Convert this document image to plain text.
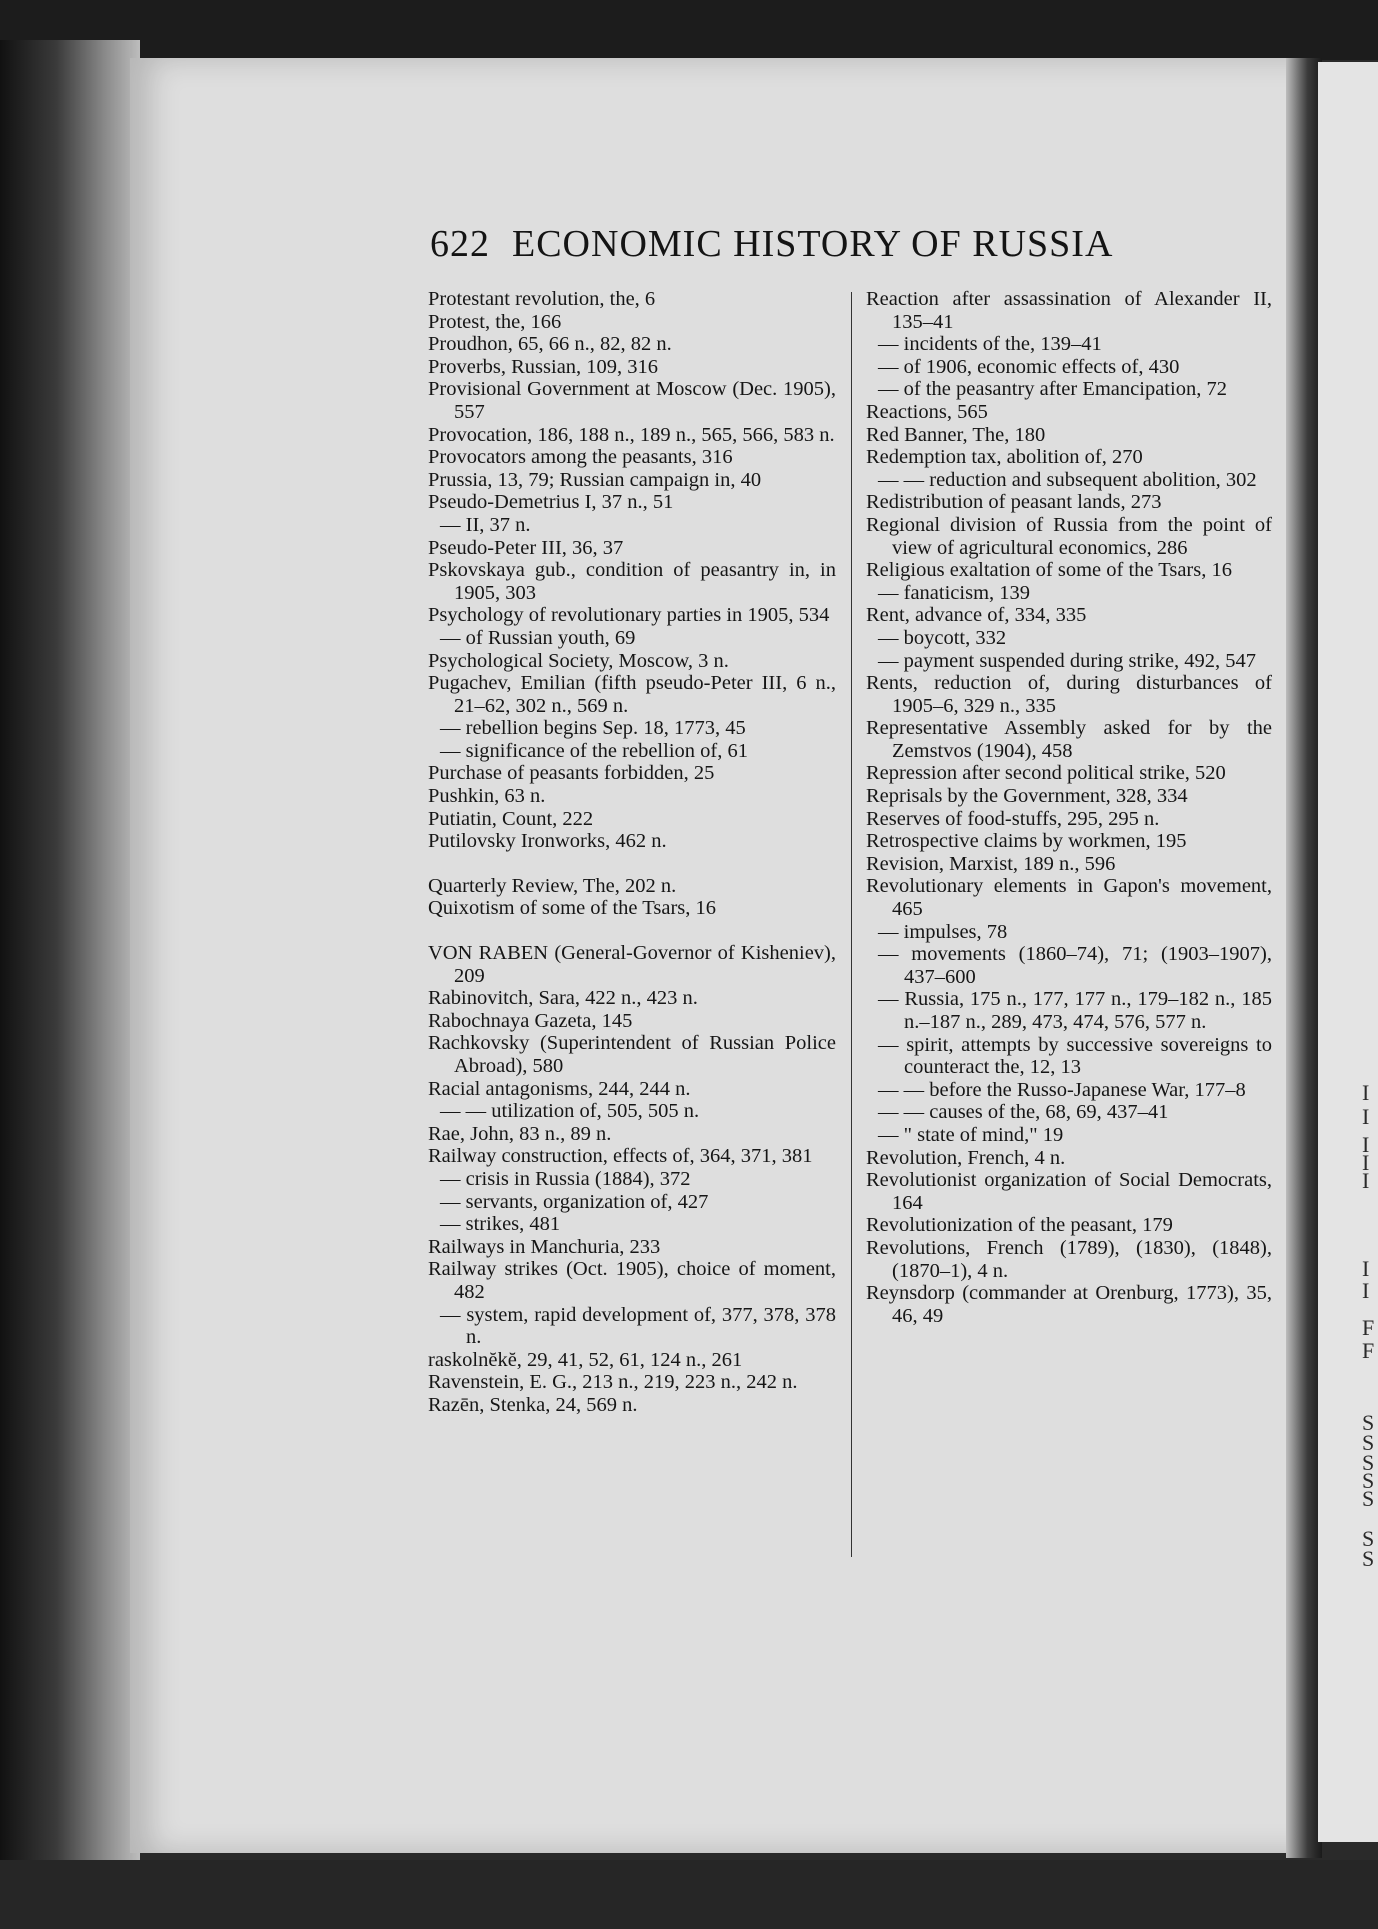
I
I
I
I
I
I
I
F
F
S
S
S
S
S
S
S
622 ECONOMIC HISTORY OF RUSSIA

Protestant revolution, the, 6

Protest, the, 166

Proudhon, 65, 66 n., 82, 82 n.

Proverbs, Russian, 109, 316

Provisional Government at Moscow (Dec. 1905), 557

Provocation, 186, 188 n., 189 n., 565, 566, 583 n.

Provocators among the peasants, 316

Prussia, 13, 79; Russian campaign in, 40

Pseudo-Demetrius I, 37 n., 51

— II, 37 n.

Pseudo-Peter III, 36, 37

Pskovskaya gub., condition of peasantry in, in 1905, 303

Psychology of revolutionary parties in 1905, 534

— of Russian youth, 69

Psychological Society, Moscow, 3 n.

Pugachev, Emilian (fifth pseudo-Peter III, 6 n., 21–62, 302 n., 569 n.

— rebellion begins Sep. 18, 1773, 45

— significance of the rebellion of, 61

Purchase of peasants forbidden, 25

Pushkin, 63 n.

Putiatin, Count, 222

Putilovsky Ironworks, 462 n.

Quarterly Review, The, 202 n.

Quixotism of some of the Tsars, 16

VON RABEN (General-Governor of Kisheniev), 209

Rabinovitch, Sara, 422 n., 423 n.

Rabochnaya Gazeta, 145

Rachkovsky (Superintendent of Russian Police Abroad), 580

Racial antagonisms, 244, 244 n.

— — utilization of, 505, 505 n.

Rae, John, 83 n., 89 n.

Railway construction, effects of, 364, 371, 381

— crisis in Russia (1884), 372

— servants, organization of, 427

— strikes, 481

Railways in Manchuria, 233

Railway strikes (Oct. 1905), choice of moment, 482

— system, rapid development of, 377, 378, 378 n.

raskolnĕkĕ, 29, 41, 52, 61, 124 n., 261

Ravenstein, E. G., 213 n., 219, 223 n., 242 n.

Razēn, Stenka, 24, 569 n.

Reaction after assassination of Alexander II, 135–41

— incidents of the, 139–41

— of 1906, economic effects of, 430

— of the peasantry after Emancipation, 72

Reactions, 565

Red Banner, The, 180

Redemption tax, abolition of, 270

— — reduction and subsequent abolition, 302

Redistribution of peasant lands, 273

Regional division of Russia from the point of view of agricultural economics, 286

Religious exaltation of some of the Tsars, 16

— fanaticism, 139

Rent, advance of, 334, 335

— boycott, 332

— payment suspended during strike, 492, 547

Rents, reduction of, during disturbances of 1905–6, 329 n., 335

Representative Assembly asked for by the Zemstvos (1904), 458

Repression after second political strike, 520

Reprisals by the Government, 328, 334

Reserves of food-stuffs, 295, 295 n.

Retrospective claims by workmen, 195

Revision, Marxist, 189 n., 596

Revolutionary elements in Gapon's movement, 465

— impulses, 78

— movements (1860–74), 71; (1903–1907), 437–600

— Russia, 175 n., 177, 177 n., 179–182 n., 185 n.–187 n., 289, 473, 474, 576, 577 n.

— spirit, attempts by successive sovereigns to counteract the, 12, 13

— — before the Russo-Japanese War, 177–8

— — causes of the, 68, 69, 437–41

— " state of mind," 19

Revolution, French, 4 n.

Revolutionist organization of Social Democrats, 164

Revolutionization of the peasant, 179

Revolutions, French (1789), (1830), (1848), (1870–1), 4 n.

Reynsdorp (commander at Orenburg, 1773), 35, 46, 49
